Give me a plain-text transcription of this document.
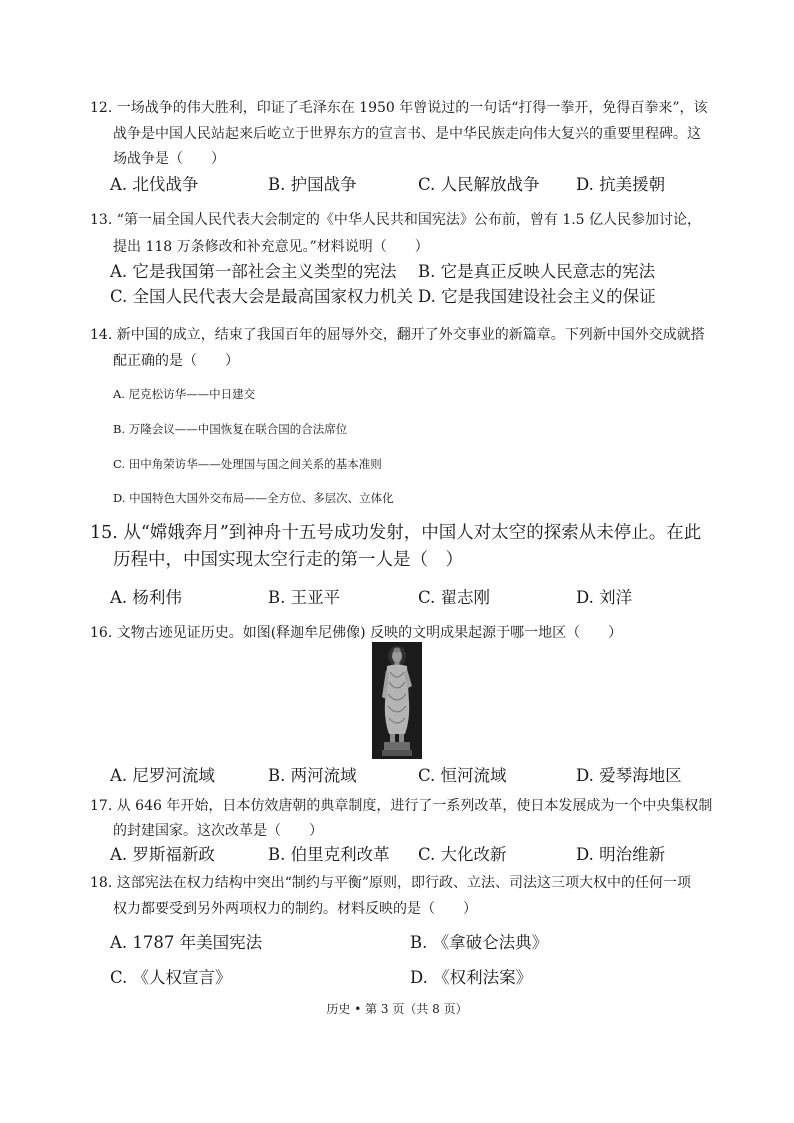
12. 一场战争的伟大胜利，印证了毛泽东在 1950 年曾说过的一句话“打得一拳开，免得百拳来”，该
战争是中国人民站起来后屹立于世界东方的宣言书、是中华民族走向伟大复兴的重要里程碑。这
场战争是（　　）
A. 北伐战争	B. 护国战争	C. 人民解放战争 D. 抗美援朝
13. “第一届全国人民代表大会制定的《中华人民共和国宪法》公布前，曾有 1.5 亿人民参加讨论，
提出 118 万条修改和补充意见。”材料说明（　　）
A. 它是我国第一部社会主义类型的宪法 B. 它是真正反映人民意志的宪法
C. 全国人民代表大会是最高国家权力机关 D. 它是我国建设社会主义的保证
14. 新中国的成立，结束了我国百年的屈辱外交，翻开了外交事业的新篇章。下列新中国外交成就搭
配正确的是（　　）
A. 尼克松访华——中日建交
B. 万隆会议——中国恢复在联合国的合法席位
C. 田中角荣访华——处理国与国之间关系的基本准则
D. 中国特色大国外交布局——全方位、多层次、立体化
15. 从“嫦娥奔月”到神舟十五号成功发射，中国人对太空的探索从未停止。在此
历程中，中国实现太空行走的第一人是（　）
A. 杨利伟	B. 王亚平	C. 翟志刚	D. 刘洋
16. 文物古迹见证历史。如图(释迦牟尼佛像) 反映的文明成果起源于哪一地区（　　）
A. 尼罗河流域	B. 两河流域	C. 恒河流域	D. 爱琴海地区
17. 从 646 年开始，日本仿效唐朝的典章制度，进行了一系列改革，使日本发展成为一个中央集权制
的封建国家。这次改革是（　　）
A. 罗斯福新政	B. 伯里克利改革 C. 大化改新	D. 明治维新
18. 这部宪法在权力结构中突出“制约与平衡”原则，即行政、立法、司法这三项大权中的任何一项
权力都要受到另外两项权力的制约。材料反映的是（　　）
A. 1787 年美国宪法	B. 《拿破仑法典》
C. 《人权宣言》	D. 《权利法案》
历史 • 第 3 页（共 8 页）
